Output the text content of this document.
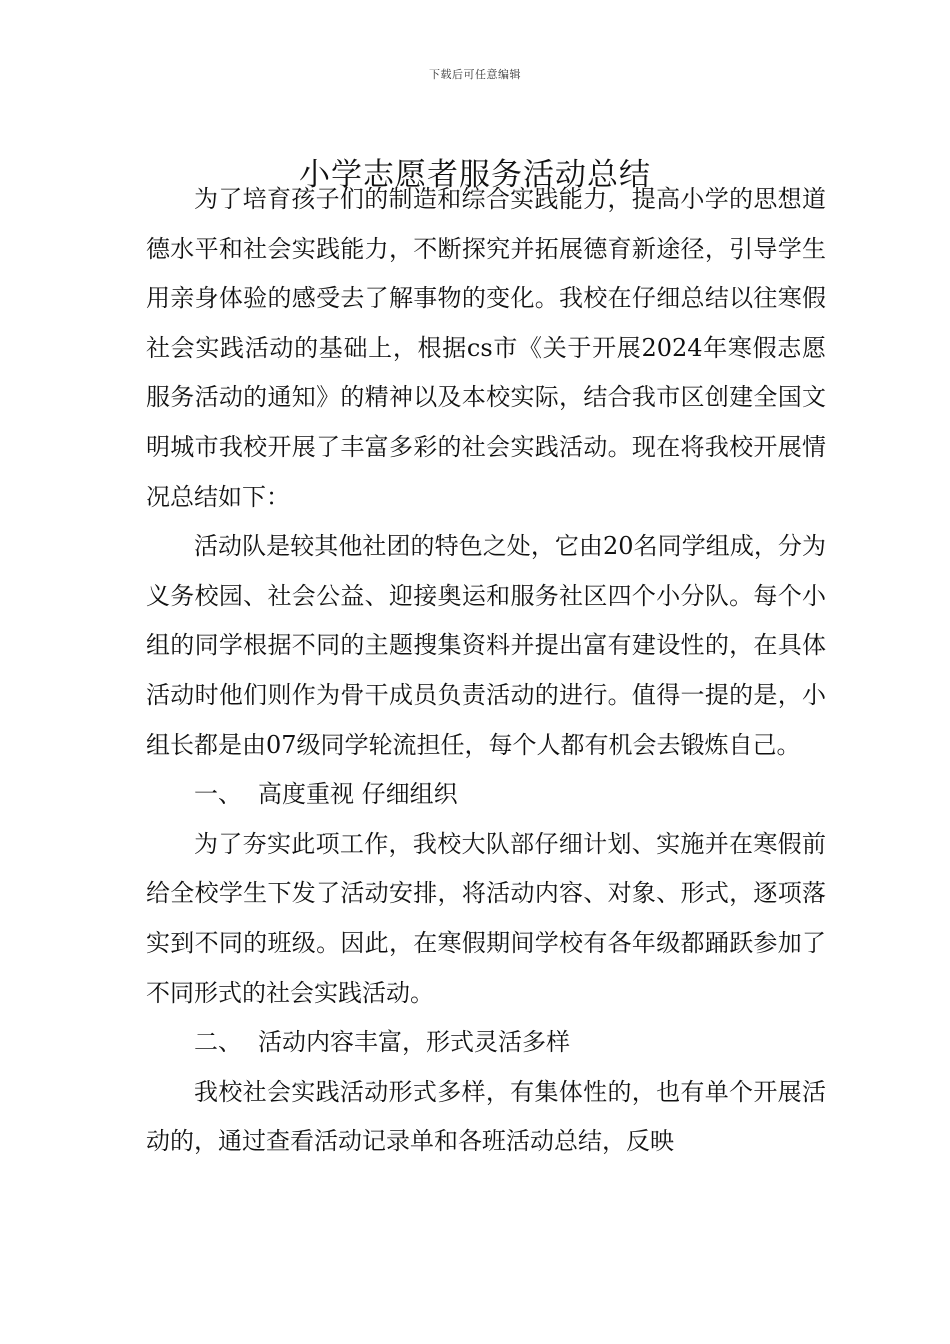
下载后可任意编辑
小学志愿者服务活动总结

为了培育孩子们的制造和综合实践能力，提高小学的思想道德水平和社会实践能力，不断探究并拓展德育新途径，引导学生用亲身体验的感受去了解事物的变化。我校在仔细总结以往寒假社会实践活动的基础上，根据cs市《关于开展2024年寒假志愿服务活动的通知》的精神以及本校实际，结合我市区创建全国文明城市我校开展了丰富多彩的社会实践活动。现在将我校开展情况总结如下：

活动队是较其他社团的特色之处，它由20名同学组成，分为义务校园、社会公益、迎接奥运和服务社区四个小分队。每个小组的同学根据不同的主题搜集资料并提出富有建设性的，在具体活动时他们则作为骨干成员负责活动的进行。值得一提的是，小组长都是由07级同学轮流担任，每个人都有机会去锻炼自己。

一、 高度重视 仔细组织

为了夯实此项工作，我校大队部仔细计划、实施并在寒假前给全校学生下发了活动安排，将活动内容、对象、形式，逐项落实到不同的班级。因此，在寒假期间学校有各年级都踊跃参加了不同形式的社会实践活动。

二、 活动内容丰富，形式灵活多样

我校社会实践活动形式多样，有集体性的，也有单个开展活动的，通过查看活动记录单和各班活动总结，反映
